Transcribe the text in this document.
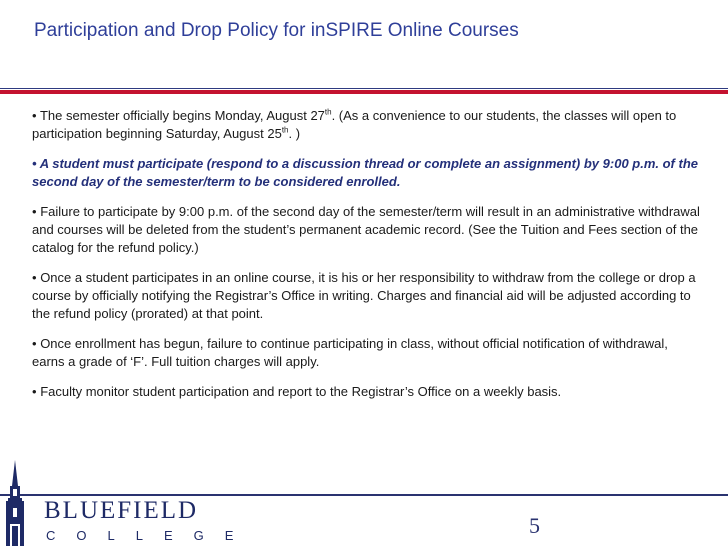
Participation and Drop Policy for inSPIRE Online Courses

• The semester officially begins Monday, August 27th. (As a convenience to our students, the classes will open to participation beginning Saturday, August 25th. )

• A student must participate (respond to a discussion thread or complete an assignment) by 9:00 p.m. of the second day of the semester/term to be considered enrolled.

• Failure to participate by 9:00 p.m. of the second day of the semester/term will result in an administrative withdrawal and courses will be deleted from the student’s permanent academic record. (See the Tuition and Fees section of the catalog for the refund policy.)

• Once a student participates in an online course, it is his or her responsibility to withdraw from the college or drop a course by officially notifying the Registrar’s Office in writing. Charges and financial aid will be adjusted according to the refund policy (prorated) at that point.

• Once enrollment has begun, failure to continue participating in class, without official notification of withdrawal, earns a grade of ‘F’. Full tuition charges will apply.

• Faculty monitor student participation and report to the Registrar’s Office on a weekly basis.

BLUEFIELD
COLLEGE	5
